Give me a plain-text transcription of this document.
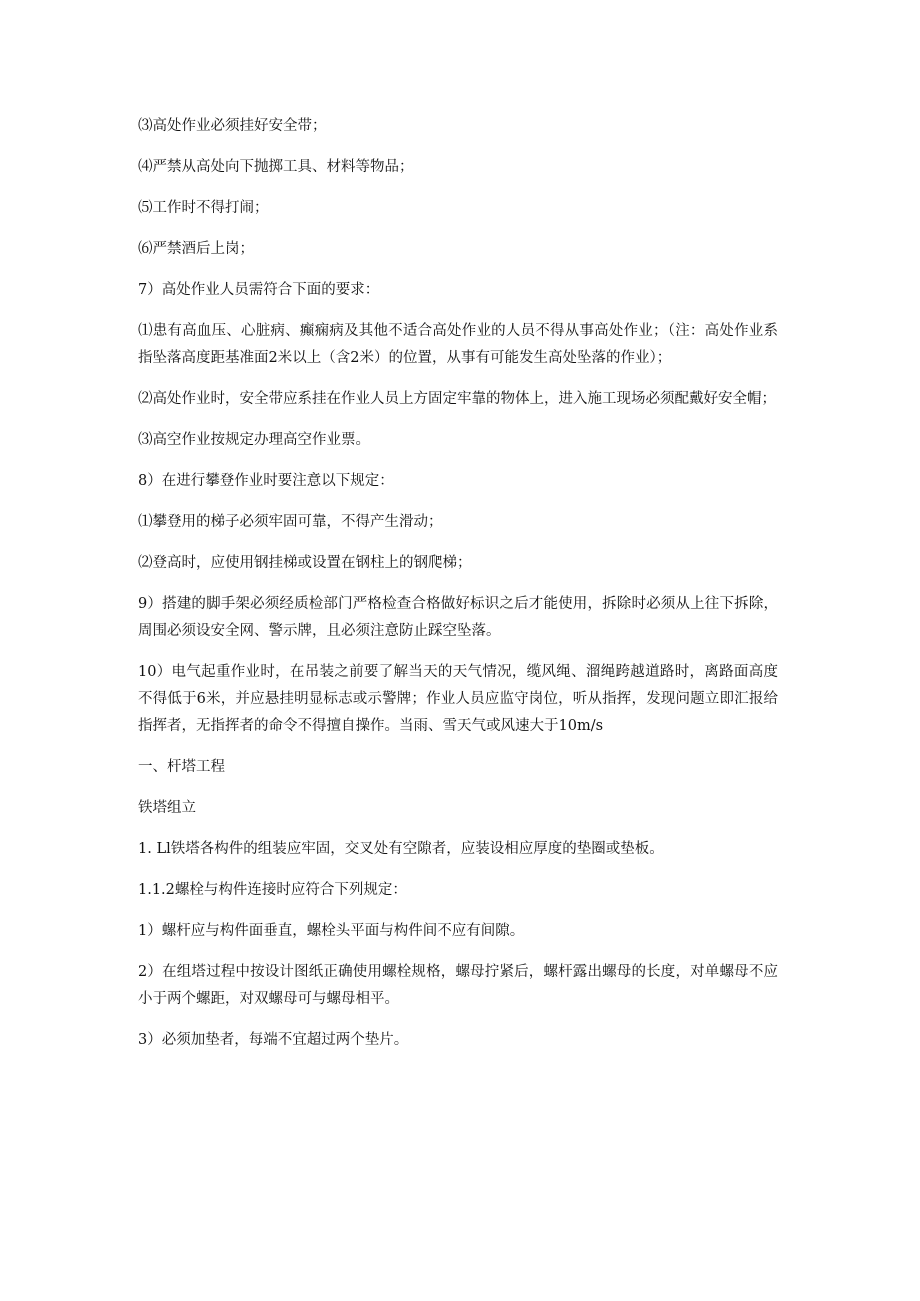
⑶高处作业必须挂好安全带；

⑷严禁从高处向下抛掷工具、材料等物品；

⑸工作时不得打闹；

⑹严禁酒后上岗；

7）高处作业人员需符合下面的要求：

⑴患有高血压、心脏病、癫痫病及其他不适合高处作业的人员不得从事高处作业；（注：高处作业系指坠落高度距基准面2米以上（含2米）的位置，从事有可能发生高处坠落的作业）；

⑵高处作业时，安全带应系挂在作业人员上方固定牢靠的物体上，进入施工现场必须配戴好安全帽；

⑶高空作业按规定办理高空作业票。

8）在进行攀登作业时要注意以下规定：

⑴攀登用的梯子必须牢固可靠，不得产生滑动；

⑵登高时，应使用钢挂梯或设置在钢柱上的钢爬梯；

9）搭建的脚手架必须经质检部门严格检查合格做好标识之后才能使用，拆除时必须从上往下拆除，周围必须设安全网、警示牌，且必须注意防止踩空坠落。

10）电气起重作业时，在吊装之前要了解当天的天气情况，缆风绳、溜绳跨越道路时，离路面高度不得低于6米，并应悬挂明显标志或示警牌；作业人员应监守岗位，听从指挥，发现问题立即汇报给指挥者，无指挥者的命令不得擅自操作。当雨、雪天气或风速大于10m/s

一、杆塔工程

铁塔组立

1. Ll铁塔各构件的组装应牢固，交叉处有空隙者，应装设相应厚度的垫圈或垫板。

1.1.2螺栓与构件连接时应符合下列规定：

1）螺杆应与构件面垂直，螺栓头平面与构件间不应有间隙。

2）在组塔过程中按设计图纸正确使用螺栓规格，螺母拧紧后，螺杆露出螺母的长度，对单螺母不应小于两个螺距，对双螺母可与螺母相平。

3）必须加垫者，每端不宜超过两个垫片。
